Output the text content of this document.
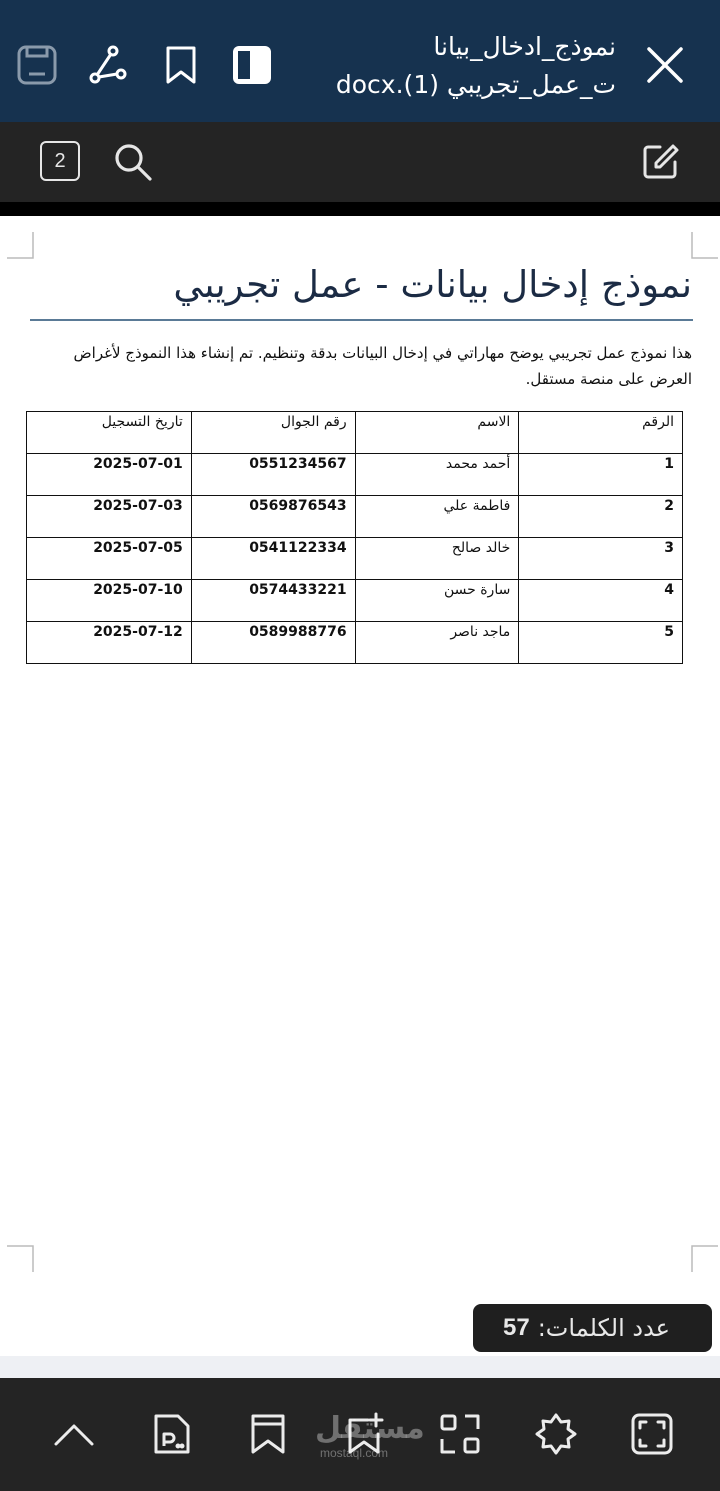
نموذج_ادخال_بيانا
ت_عمل_تجريبي (1).docx
2
نموذج إدخال بيانات - عمل تجريبي
هذا نموذج عمل تجريبي يوضح مهاراتي في إدخال البيانات بدقة وتنظيم. تم إنشاء هذا النموذج لأغراض العرض على منصة مستقل.
الرقم	الاسم	رقم الجوال	تاريخ التسجيل
1	أحمد محمد	0551234567	2025-07-01
2	فاطمة علي	0569876543	2025-07-03
3	خالد صالح	0541122334	2025-07-05
4	سارة حسن	0574433221	2025-07-10
5	ماجد ناصر	0589988776	2025-07-12
عدد الكلمات:
57
مستقل
mostaql.com
